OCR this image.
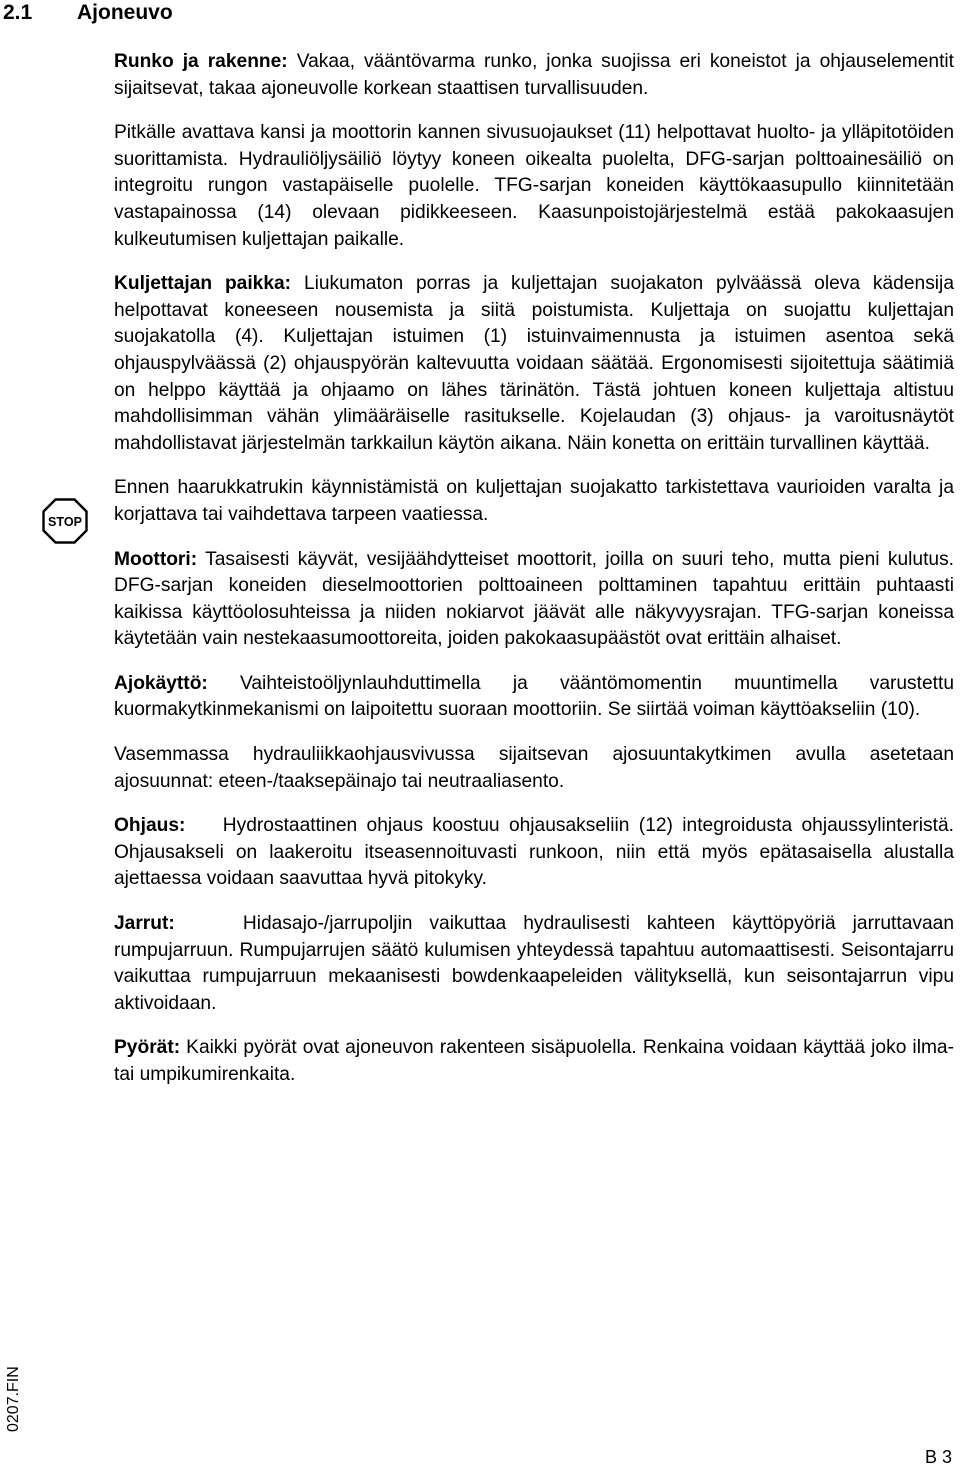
2.1 Ajoneuvo

Runko ja rakenne: Vakaa, vääntövarma runko, jonka suojissa eri koneistot ja ohjauselementit sijaitsevat, takaa ajoneuvolle korkean staattisen turvallisuuden.

Pitkälle avattava kansi ja moottorin kannen sivusuojaukset (11) helpottavat huolto- ja ylläpitotöiden suorittamista. Hydrauliöljysäiliö löytyy koneen oikealta puolelta, DFG-sarjan polttoainesäiliö on integroitu rungon vastapäiselle puolelle. TFG-sarjan koneiden käyttökaasupullo kiinnitetään vastapainossa (14) olevaan pidikkeeseen. Kaasunpoistojärjestelmä estää pakokaasujen kulkeutumisen kuljettajan paikalle.

Kuljettajan paikka: Liukumaton porras ja kuljettajan suojakaton pylväässä oleva kädensija helpottavat koneeseen nousemista ja siitä poistumista. Kuljettaja on suojattu kuljettajan suojakatolla (4). Kuljettajan istuimen (1) istuinvaimennusta ja istuimen asentoa sekä ohjauspylväässä (2) ohjauspyörän kaltevuutta voidaan säätää. Ergonomisesti sijoitettuja säätimiä on helppo käyttää ja ohjaamo on lähes tärinätön. Tästä johtuen koneen kuljettaja altistuu mahdollisimman vähän ylimääräiselle rasitukselle. Kojelaudan (3) ohjaus- ja varoitusnäytöt mahdollistavat järjestelmän tarkkailun käytön aikana. Näin konetta on erittäin turvallinen käyttää.

Ennen haarukkatrukin käynnistämistä on kuljettajan suojakatto tarkistettava vaurioiden varalta ja korjattava tai vaihdettava tarpeen vaatiessa.

Moottori: Tasaisesti käyvät, vesijäähdytteiset moottorit, joilla on suuri teho, mutta pieni kulutus. DFG-sarjan koneiden dieselmoottorien polttoaineen polttaminen tapahtuu erittäin puhtaasti kaikissa käyttöolosuhteissa ja niiden nokiarvot jäävät alle näkyvyysrajan. TFG-sarjan koneissa käytetään vain nestekaasumoottoreita, joiden pakokaasupäästöt ovat erittäin alhaiset.

Ajokäyttö: Vaihteistoöljynlauhduttimella ja vääntömomentin muuntimella varustettu kuormakytkinmekanismi on laipoitettu suoraan moottoriin. Se siirtää voiman käyttöakseliin (10).

Vasemmassa hydrauliikkaohjausvivussa sijaitsevan ajosuuntakytkimen avulla asetetaan ajosuunnat: eteen-/taaksepäinajo tai neutraaliasento.

Ohjaus:    Hydrostaattinen ohjaus koostuu ohjausakseliin (12) integroidusta ohjaussylinteristä. Ohjausakseli on laakeroitu itseasennoituvasti runkoon, niin että myös epätasaisella alustalla ajettaessa voidaan saavuttaa hyvä pitokyky.

Jarrut:    Hidasajo-/jarrupoljin vaikuttaa hydraulisesti kahteen käyttöpyöriä jarruttavaan rumpujarruun. Rumpujarrujen säätö kulumisen yhteydessä tapahtuu automaattisesti. Seisontajarru vaikuttaa rumpujarruun mekaanisesti bowdenkaapeleiden välityksellä, kun seisontajarrun vipu aktivoidaan.

Pyörät: Kaikki pyörät ovat ajoneuvon rakenteen sisäpuolella. Renkaina voidaan käyttää joko ilma- tai umpikumirenkaita.

STOP
0207.FIN
B 3
